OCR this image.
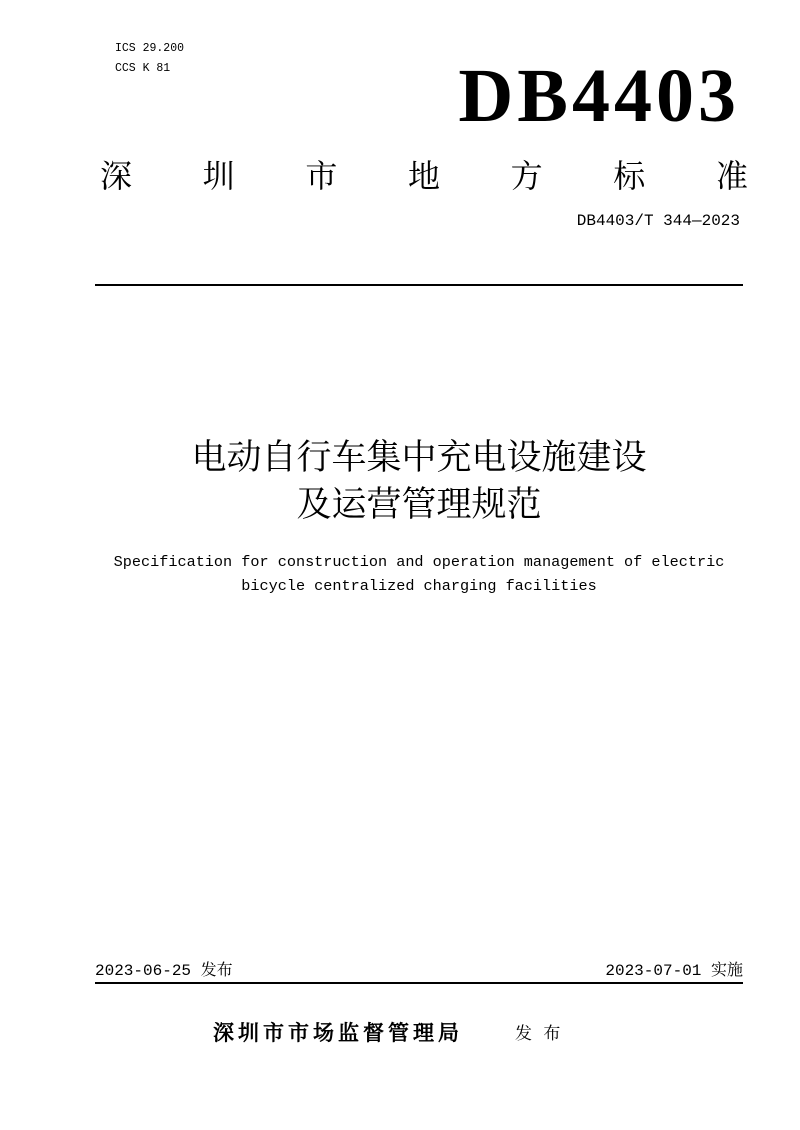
ICS 29.200
CCS K 81	DB4403
深 圳 市 地 方 标 准
DB4403/T 344—2023
电动自行车集中充电设施建设
及运营管理规范
Specification for construction and operation management of electric
bicycle centralized charging facilities
2023-06-25 发布	2023-07-01 实施
深圳市市场监督管理局	发 布
